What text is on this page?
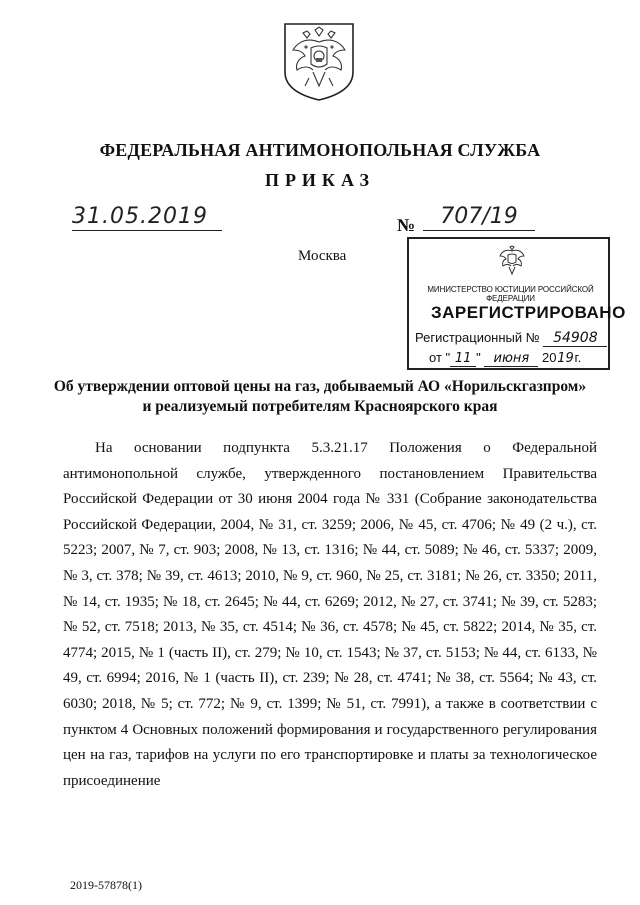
ФЕДЕРАЛЬНАЯ АНТИМОНОПОЛЬНАЯ СЛУЖБА
ПРИКАЗ
31.05.2019	№	707/19
Москва
МИНИСТЕРСТВО ЮСТИЦИИ РОССИЙСКОЙ ФЕДЕРАЦИИ
ЗАРЕГИСТРИРОВАНО
Регистрационный № 54908
от " 11 " июня 2019г.
Об утверждении оптовой цены на газ, добываемый АО «Норильскгазпром»
и реализуемый потребителям Красноярского края

На основании подпункта 5.3.21.17 Положения о Федеральной антимонопольной службе, утвержденного постановлением Правительства Российской Федерации от 30 июня 2004 года № 331 (Собрание законодательства Российской Федерации, 2004, № 31, ст. 3259; 2006, № 45, ст. 4706; № 49 (2 ч.), ст. 5223; 2007, № 7, ст. 903; 2008, № 13, ст. 1316; № 44, ст. 5089; № 46, ст. 5337; 2009, № 3, ст. 378; № 39, ст. 4613; 2010, № 9, ст. 960, № 25, ст. 3181; № 26, ст. 3350; 2011, № 14, ст. 1935; № 18, ст. 2645; № 44, ст. 6269; 2012, № 27, ст. 3741; № 39, ст. 5283; № 52, ст. 7518; 2013, № 35, ст. 4514; № 36, ст. 4578; № 45, ст. 5822; 2014, № 35, ст. 4774; 2015, № 1 (часть II), ст. 279; № 10, ст. 1543; № 37, ст. 5153; № 44, ст. 6133, № 49, ст. 6994; 2016, № 1 (часть II), ст. 239; № 28, ст. 4741; № 38, ст. 5564; № 43, ст. 6030; 2018, № 5; ст. 772; № 9, ст. 1399; № 51, ст. 7991), а также в соответствии с пунктом 4 Основных положений формирования и государственного регулирования цен на газ, тарифов на услуги по его транспортировке и платы за технологическое присоединение

2019-57878(1)
